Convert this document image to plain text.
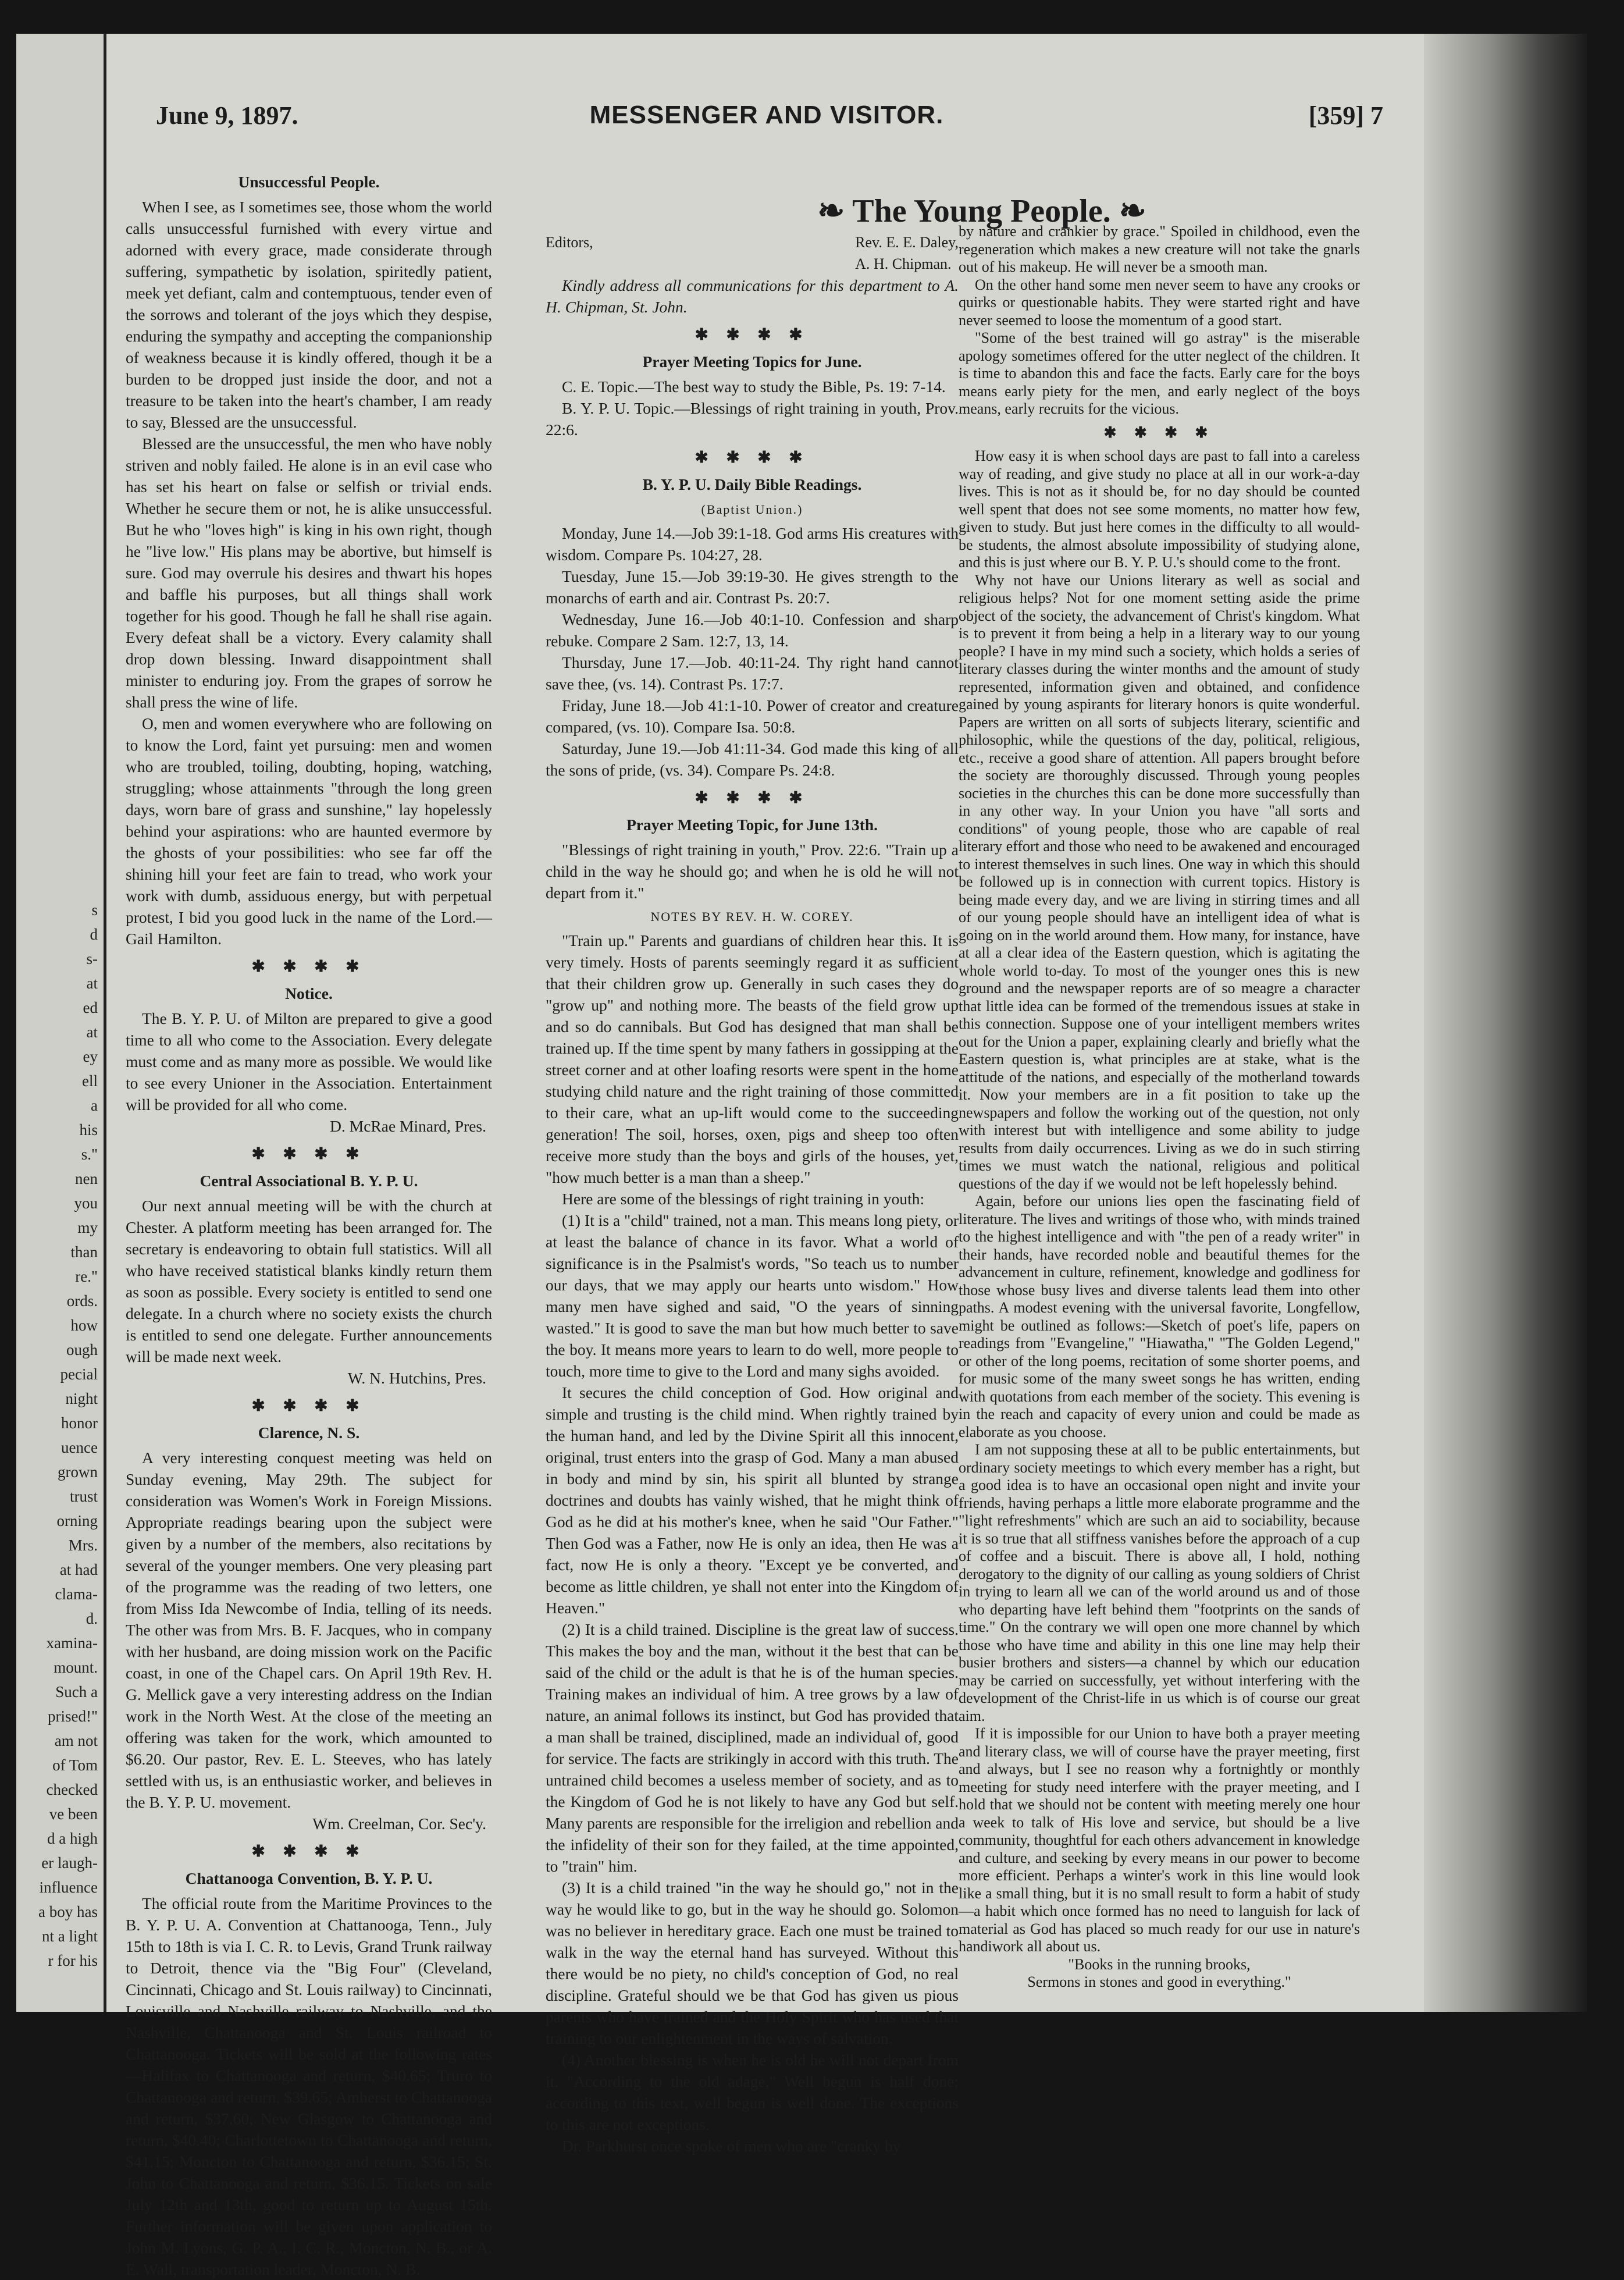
s
d
s-
at
ed
at
ey
ell
a
his
s."
nen
you
my
than
re."
ords.
how
ough
pecial
night
honor
uence
grown
trust
orning
Mrs.
at had
clama-
d.
xamina-
mount.
Such a
prised!"
am not
of Tom
checked
ve been
d a high
er laugh-
influence
a boy has
nt a light
r for his
MESSENGER AND VISITOR.
June 9, 1897.	[359] 7
❧ The Young People. ❧
Unsuccessful People.

When I see, as I sometimes see, those whom the world calls unsuccessful furnished with every virtue and adorned with every grace, made considerate through suffering, sympathetic by isolation, spiritedly patient, meek yet defiant, calm and contemptuous, tender even of the sorrows and tolerant of the joys which they despise, enduring the sympathy and accepting the companionship of weakness because it is kindly offered, though it be a burden to be dropped just inside the door, and not a treasure to be taken into the heart's chamber, I am ready to say, Blessed are the unsuccessful.

Blessed are the unsuccessful, the men who have nobly striven and nobly failed. He alone is in an evil case who has set his heart on false or selfish or trivial ends. Whether he secure them or not, he is alike unsuccessful. But he who "loves high" is king in his own right, though he "live low." His plans may be abortive, but himself is sure. God may overrule his desires and thwart his hopes and baffle his purposes, but all things shall work together for his good. Though he fall he shall rise again. Every defeat shall be a victory. Every calamity shall drop down blessing. Inward disappointment shall minister to enduring joy. From the grapes of sorrow he shall press the wine of life.

O, men and women everywhere who are following on to know the Lord, faint yet pursuing: men and women who are troubled, toiling, doubting, hoping, watching, struggling; whose attainments "through the long green days, worn bare of grass and sunshine," lay hopelessly behind your aspirations: who are haunted evermore by the ghosts of your possibilities: who see far off the shining hill your feet are fain to tread, who work your work with dumb, assiduous energy, but with perpetual protest, I bid you good luck in the name of the Lord.—Gail Hamilton.

✱ ✱ ✱ ✱
Notice.

The B. Y. P. U. of Milton are prepared to give a good time to all who come to the Association. Every delegate must come and as many more as possible. We would like to see every Unioner in the Association. Entertainment will be provided for all who come.

D. McRae Minard, Pres.
✱ ✱ ✱ ✱
Central Associational B. Y. P. U.

Our next annual meeting will be with the church at Chester. A platform meeting has been arranged for. The secretary is endeavoring to obtain full statistics. Will all who have received statistical blanks kindly return them as soon as possible. Every society is entitled to send one delegate. In a church where no society exists the church is entitled to send one delegate. Further announcements will be made next week.

W. N. Hutchins, Pres.
✱ ✱ ✱ ✱
Clarence, N. S.

A very interesting conquest meeting was held on Sunday evening, May 29th. The subject for consideration was Women's Work in Foreign Missions. Appropriate readings bearing upon the subject were given by a number of the members, also recitations by several of the younger members. One very pleasing part of the programme was the reading of two letters, one from Miss Ida Newcombe of India, telling of its needs. The other was from Mrs. B. F. Jacques, who in company with her husband, are doing mission work on the Pacific coast, in one of the Chapel cars. On April 19th Rev. H. G. Mellick gave a very interesting address on the Indian work in the North West. At the close of the meeting an offering was taken for the work, which amounted to $6.20. Our pastor, Rev. E. L. Steeves, who has lately settled with us, is an enthusiastic worker, and believes in the B. Y. P. U. movement.

Wm. Creelman, Cor. Sec'y.
✱ ✱ ✱ ✱
Chattanooga Convention, B. Y. P. U.

The official route from the Maritime Provinces to the B. Y. P. U. A. Convention at Chattanooga, Tenn., July 15th to 18th is via I. C. R. to Levis, Grand Trunk railway to Detroit, thence via the "Big Four" (Cleveland, Cincinnati, Chicago and St. Louis railway) to Cincinnati, Louisville and Nashville railway to Nashville, and the Nashville, Chattanooga and St. Louis railroad to Chattanooga. Tickets will be sold at the following rates—Halifax to Chattanooga and return, $40.65; Truro to Chattanooga and return, $39.65; Amherst to Chattanooga and return, $37.60; New Glasgow to Chattanooga and return, $40.40; Charlottetown to Chattanooga and return, $41.15; Moncton to Chattanooga and return, $36.15; St. John to Chattanooga and return, $36.15. Tickets on sale July 12th and 13th, good to return up to August 15th. Further information will be given upon application to John M. Lyons, G. P. A., I. C. R., Moncton, N. B., or A. E. Wall, transportation leader, Moncton, N. B.

Editors,	Rev. E. E. Daley,
A. H. Chipman.

Kindly address all communications for this department to A. H. Chipman, St. John.

✱ ✱ ✱ ✱
Prayer Meeting Topics for June.

C. E. Topic.—The best way to study the Bible, Ps. 19: 7-14.

B. Y. P. U. Topic.—Blessings of right training in youth, Prov. 22:6.

✱ ✱ ✱ ✱
B. Y. P. U. Daily Bible Readings.
(Baptist Union.)

Monday, June 14.—Job 39:1-18. God arms His creatures with wisdom. Compare Ps. 104:27, 28.

Tuesday, June 15.—Job 39:19-30. He gives strength to the monarchs of earth and air. Contrast Ps. 20:7.

Wednesday, June 16.—Job 40:1-10. Confession and sharp rebuke. Compare 2 Sam. 12:7, 13, 14.

Thursday, June 17.—Job. 40:11-24. Thy right hand cannot save thee, (vs. 14). Contrast Ps. 17:7.

Friday, June 18.—Job 41:1-10. Power of creator and creature compared, (vs. 10). Compare Isa. 50:8.

Saturday, June 19.—Job 41:11-34. God made this king of all the sons of pride, (vs. 34). Compare Ps. 24:8.

✱ ✱ ✱ ✱
Prayer Meeting Topic, for June 13th.

"Blessings of right training in youth," Prov. 22:6. "Train up a child in the way he should go; and when he is old he will not depart from it."

NOTES BY REV. H. W. COREY.

"Train up." Parents and guardians of children hear this. It is very timely. Hosts of parents seemingly regard it as sufficient that their children grow up. Generally in such cases they do "grow up" and nothing more. The beasts of the field grow up and so do cannibals. But God has designed that man shall be trained up. If the time spent by many fathers in gossipping at the street corner and at other loafing resorts were spent in the home studying child nature and the right training of those committed to their care, what an up-lift would come to the succeeding generation! The soil, horses, oxen, pigs and sheep too often receive more study than the boys and girls of the houses, yet, "how much better is a man than a sheep."

Here are some of the blessings of right training in youth:

(1) It is a "child" trained, not a man. This means long piety, or at least the balance of chance in its favor. What a world of significance is in the Psalmist's words, "So teach us to number our days, that we may apply our hearts unto wisdom." How many men have sighed and said, "O the years of sinning wasted." It is good to save the man but how much better to save the boy. It means more years to learn to do well, more people to touch, more time to give to the Lord and many sighs avoided.

It secures the child conception of God. How original and simple and trusting is the child mind. When rightly trained by the human hand, and led by the Divine Spirit all this innocent, original, trust enters into the grasp of God. Many a man abused in body and mind by sin, his spirit all blunted by strange doctrines and doubts has vainly wished, that he might think of God as he did at his mother's knee, when he said "Our Father." Then God was a Father, now He is only an idea, then He was a fact, now He is only a theory. "Except ye be converted, and become as little children, ye shall not enter into the Kingdom of Heaven."

(2) It is a child trained. Discipline is the great law of success. This makes the boy and the man, without it the best that can be said of the child or the adult is that he is of the human species. Training makes an individual of him. A tree grows by a law of nature, an animal follows its instinct, but God has provided that a man shall be trained, disciplined, made an individual of, good for service. The facts are strikingly in accord with this truth. The untrained child becomes a useless member of society, and as to the Kingdom of God he is not likely to have any God but self. Many parents are responsible for the irreligion and rebellion and the infidelity of their son for they failed, at the time appointed, to "train" him.

(3) It is a child trained "in the way he should go," not in the way he would like to go, but in the way he should go. Solomon was no believer in hereditary grace. Each one must be trained to walk in the way the eternal hand has surveyed. Without this there would be no piety, no child's conception of God, no real discipline. Grateful should we be that God has given us pious parents who have trained and the Holy Spirit who has used that training to our enlightenment in the ways of salvation.

(4) Another blessing is when he is old he will not depart from it. "According to the old adage," Well begun is half done; according to this text, well begun is well done. The exceptions to this are not exceptions.

Dr. Parkhurst once spoke of men who are "cranky by

by nature and crankier by grace." Spoiled in childhood, even the regeneration which makes a new creature will not take the gnarls out of his makeup. He will never be a smooth man.

On the other hand some men never seem to have any crooks or quirks or questionable habits. They were started right and have never seemed to loose the momentum of a good start.

"Some of the best trained will go astray" is the miserable apology sometimes offered for the utter neglect of the children. It is time to abandon this and face the facts. Early care for the boys means early piety for the men, and early neglect of the boys means, early recruits for the vicious.

✱ ✱ ✱ ✱

How easy it is when school days are past to fall into a careless way of reading, and give study no place at all in our work-a-day lives. This is not as it should be, for no day should be counted well spent that does not see some moments, no matter how few, given to study. But just here comes in the difficulty to all would-be students, the almost absolute impossibility of studying alone, and this is just where our B. Y. P. U.'s should come to the front.

Why not have our Unions literary as well as social and religious helps? Not for one moment setting aside the prime object of the society, the advancement of Christ's kingdom. What is to prevent it from being a help in a literary way to our young people? I have in my mind such a society, which holds a series of literary classes during the winter months and the amount of study represented, information given and obtained, and confidence gained by young aspirants for literary honors is quite wonderful. Papers are written on all sorts of subjects literary, scientific and philosophic, while the questions of the day, political, religious, etc., receive a good share of attention. All papers brought before the society are thoroughly discussed. Through young peoples societies in the churches this can be done more successfully than in any other way. In your Union you have "all sorts and conditions" of young people, those who are capable of real literary effort and those who need to be awakened and encouraged to interest themselves in such lines. One way in which this should be followed up is in connection with current topics. History is being made every day, and we are living in stirring times and all of our young people should have an intelligent idea of what is going on in the world around them. How many, for instance, have at all a clear idea of the Eastern question, which is agitating the whole world to-day. To most of the younger ones this is new ground and the newspaper reports are of so meagre a character that little idea can be formed of the tremendous issues at stake in this connection. Suppose one of your intelligent members writes out for the Union a paper, explaining clearly and briefly what the Eastern question is, what principles are at stake, what is the attitude of the nations, and especially of the motherland towards it. Now your members are in a fit position to take up the newspapers and follow the working out of the question, not only with interest but with intelligence and some ability to judge results from daily occurrences. Living as we do in such stirring times we must watch the national, religious and political questions of the day if we would not be left hopelessly behind.

Again, before our unions lies open the fascinating field of literature. The lives and writings of those who, with minds trained to the highest intelligence and with "the pen of a ready writer" in their hands, have recorded noble and beautiful themes for the advancement in culture, refinement, knowledge and godliness for those whose busy lives and diverse talents lead them into other paths. A modest evening with the universal favorite, Longfellow, might be outlined as follows:—Sketch of poet's life, papers on readings from "Evangeline," "Hiawatha," "The Golden Legend," or other of the long poems, recitation of some shorter poems, and for music some of the many sweet songs he has written, ending with quotations from each member of the society. This evening is in the reach and capacity of every union and could be made as elaborate as you choose.

I am not supposing these at all to be public entertainments, but ordinary society meetings to which every member has a right, but a good idea is to have an occasional open night and invite your friends, having perhaps a little more elaborate programme and the "light refreshments" which are such an aid to sociability, because it is so true that all stiffness vanishes before the approach of a cup of coffee and a biscuit. There is above all, I hold, nothing derogatory to the dignity of our calling as young soldiers of Christ in trying to learn all we can of the world around us and of those who departing have left behind them "footprints on the sands of time." On the contrary we will open one more channel by which those who have time and ability in this one line may help their busier brothers and sisters—a channel by which our education may be carried on successfully, yet without interfering with the development of the Christ-life in us which is of course our great aim.

If it is impossible for our Union to have both a prayer meeting and literary class, we will of course have the prayer meeting, first and always, but I see no reason why a fortnightly or monthly meeting for study need interfere with the prayer meeting, and I hold that we should not be content with meeting merely one hour a week to talk of His love and service, but should be a live community, thoughtful for each others advancement in knowledge and culture, and seeking by every means in our power to become more efficient. Perhaps a winter's work in this line would look like a small thing, but it is no small result to form a habit of study—a habit which once formed has no need to languish for lack of material as God has placed so much ready for our use in nature's handiwork all about us.

"Books in the running brooks,
Sermons in stones and good in everything."
